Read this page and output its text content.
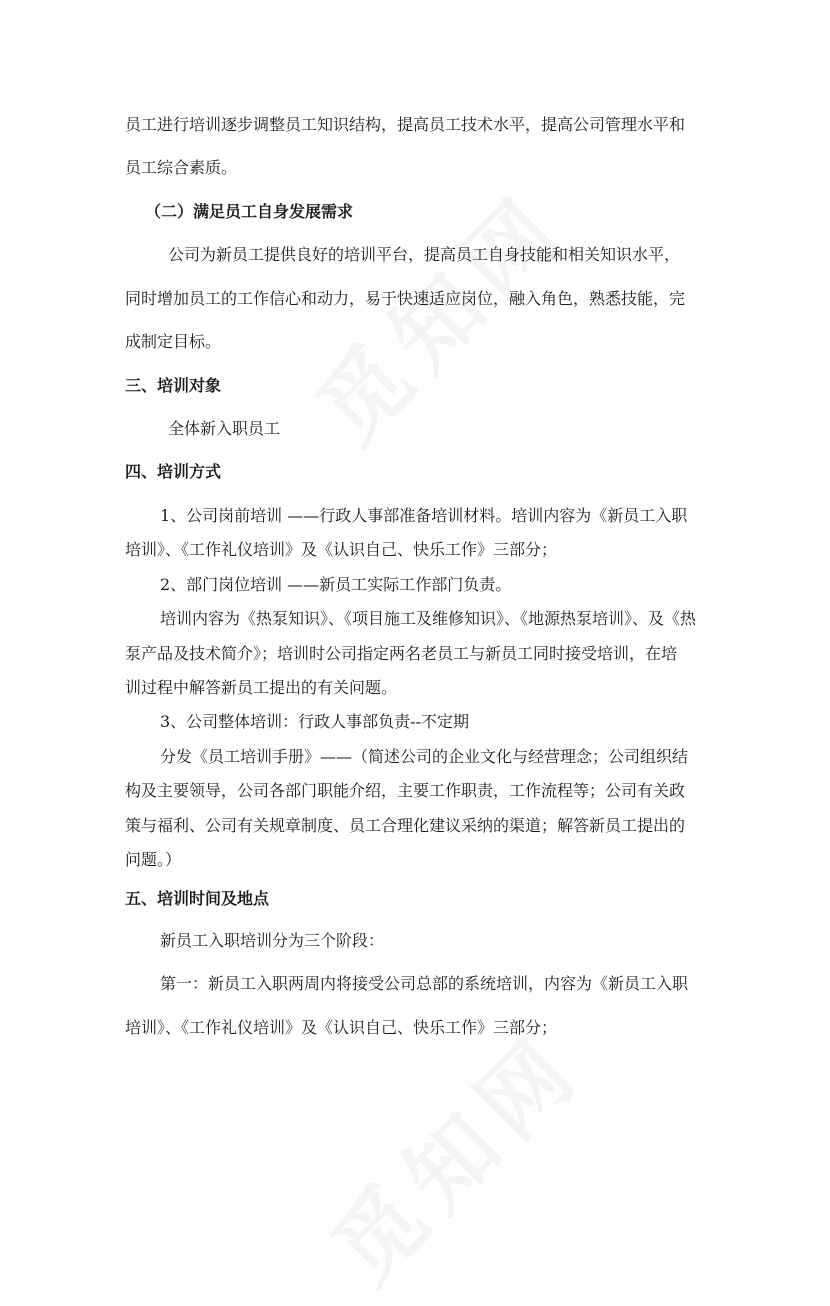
员工进行培训逐步调整员工知识结构，提高员工技术水平，提高公司管理水平和

员工综合素质。

（二）满足员工自身发展需求

公司为新员工提供良好的培训平台，提高员工自身技能和相关知识水平，

同时增加员工的工作信心和动力，易于快速适应岗位，融入角色，熟悉技能，完

成制定目标。

三、培训对象

全体新入职员工

四、培训方式

1、公司岗前培训 ——行政人事部准备培训材料。培训内容为《新员工入职

培训》、《工作礼仪培训》及《认识自己、快乐工作》三部分；

2、部门岗位培训 ——新员工实际工作部门负责。

培训内容为《热泵知识》、《项目施工及维修知识》、《地源热泵培训》、及《热

泵产品及技术简介》；培训时公司指定两名老员工与新员工同时接受培训，在培

训过程中解答新员工提出的有关问题。

3、公司整体培训：行政人事部负责--不定期

分发《员工培训手册》——（简述公司的企业文化与经营理念；公司组织结

构及主要领导，公司各部门职能介绍，主要工作职责，工作流程等；公司有关政

策与福利、公司有关规章制度、员工合理化建议采纳的渠道；解答新员工提出的

问题。）

五、培训时间及地点

新员工入职培训分为三个阶段：

第一：新员工入职两周内将接受公司总部的系统培训，内容为《新员工入职

培训》、《工作礼仪培训》及《认识自己、快乐工作》三部分；
